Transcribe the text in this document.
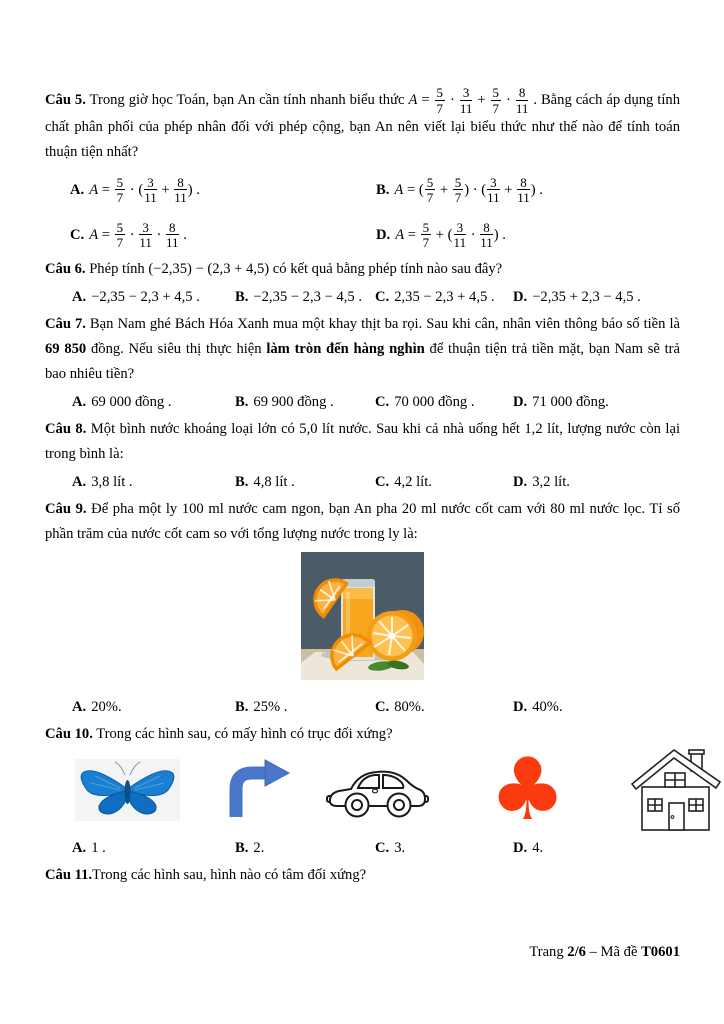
Câu 5. Trong giờ học Toán, bạn An cần tính nhanh biểu thức $A = \frac{5}{7} \cdot \frac{3}{11} + \frac{5}{7} \cdot \frac{8}{11}$ . Bằng cách áp dụng tính chất phân phối của phép nhân đối với phép cộng, bạn An nên viết lại biểu thức như thế nào để tính toán thuận tiện nhất?

A. $A = \frac{5}{7}$ · ( $\frac{3}{11} + \frac{8}{11}$ ) .	B. A = ( $\frac{5}{7} + \frac{5}{7}$ ) · ( $\frac{3}{11} + \frac{8}{11}$ ) .
C. $A = \frac{5}{7} \cdot \frac{3}{11} \cdot \frac{8}{11}$ .	D. $A = \frac{5}{7}$ + ( $\frac{3}{11} \cdot \frac{8}{11}$ ) .

Câu 6. Phép tính (−2,35) − (2,3 + 4,5) có kết quả bằng phép tính nào sau đây?

A. −2,35 − 2,3 + 4,5 .	B. −2,35 − 2,3 − 4,5 . C. 2,35 − 2,3 + 4,5 .	D. −2,35 + 2,3 − 4,5 .

Câu 7. Bạn Nam ghé Bách Hóa Xanh mua một khay thịt ba rọi. Sau khi cân, nhân viên thông báo số tiền là 69 850 đồng. Nếu siêu thị thực hiện làm tròn đến hàng nghìn để thuận tiện trả tiền mặt, bạn Nam sẽ trả bao nhiêu tiền?

A. 69 000 đồng .	B. 69 900 đồng .	C. 70 000 đồng .	D. 71 000 đồng.

Câu 8. Một bình nước khoáng loại lớn có 5,0 lít nước. Sau khi cả nhà uống hết 1,2 lít, lượng nước còn lại trong bình là:

A. 3,8 lít .	B. 4,8 lít .	C. 4,2 lít.	D. 3,2 lít.

Câu 9. Để pha một ly 100 ml nước cam ngon, bạn An pha 20 ml nước cốt cam với 80 ml nước lọc. Tỉ số phần trăm của nước cốt cam so với tổng lượng nước trong ly là:

A. 20%.	B. 25% .	C. 80%.	D. 40%.

Câu 10. Trong các hình sau, có mấy hình có trục đối xứng?

♣
A. 1 .	B. 2.	C. 3.	D. 4.

Câu 11.Trong các hình sau, hình nào có tâm đối xứng?

Trang 2/6 – Mã đề T0601
